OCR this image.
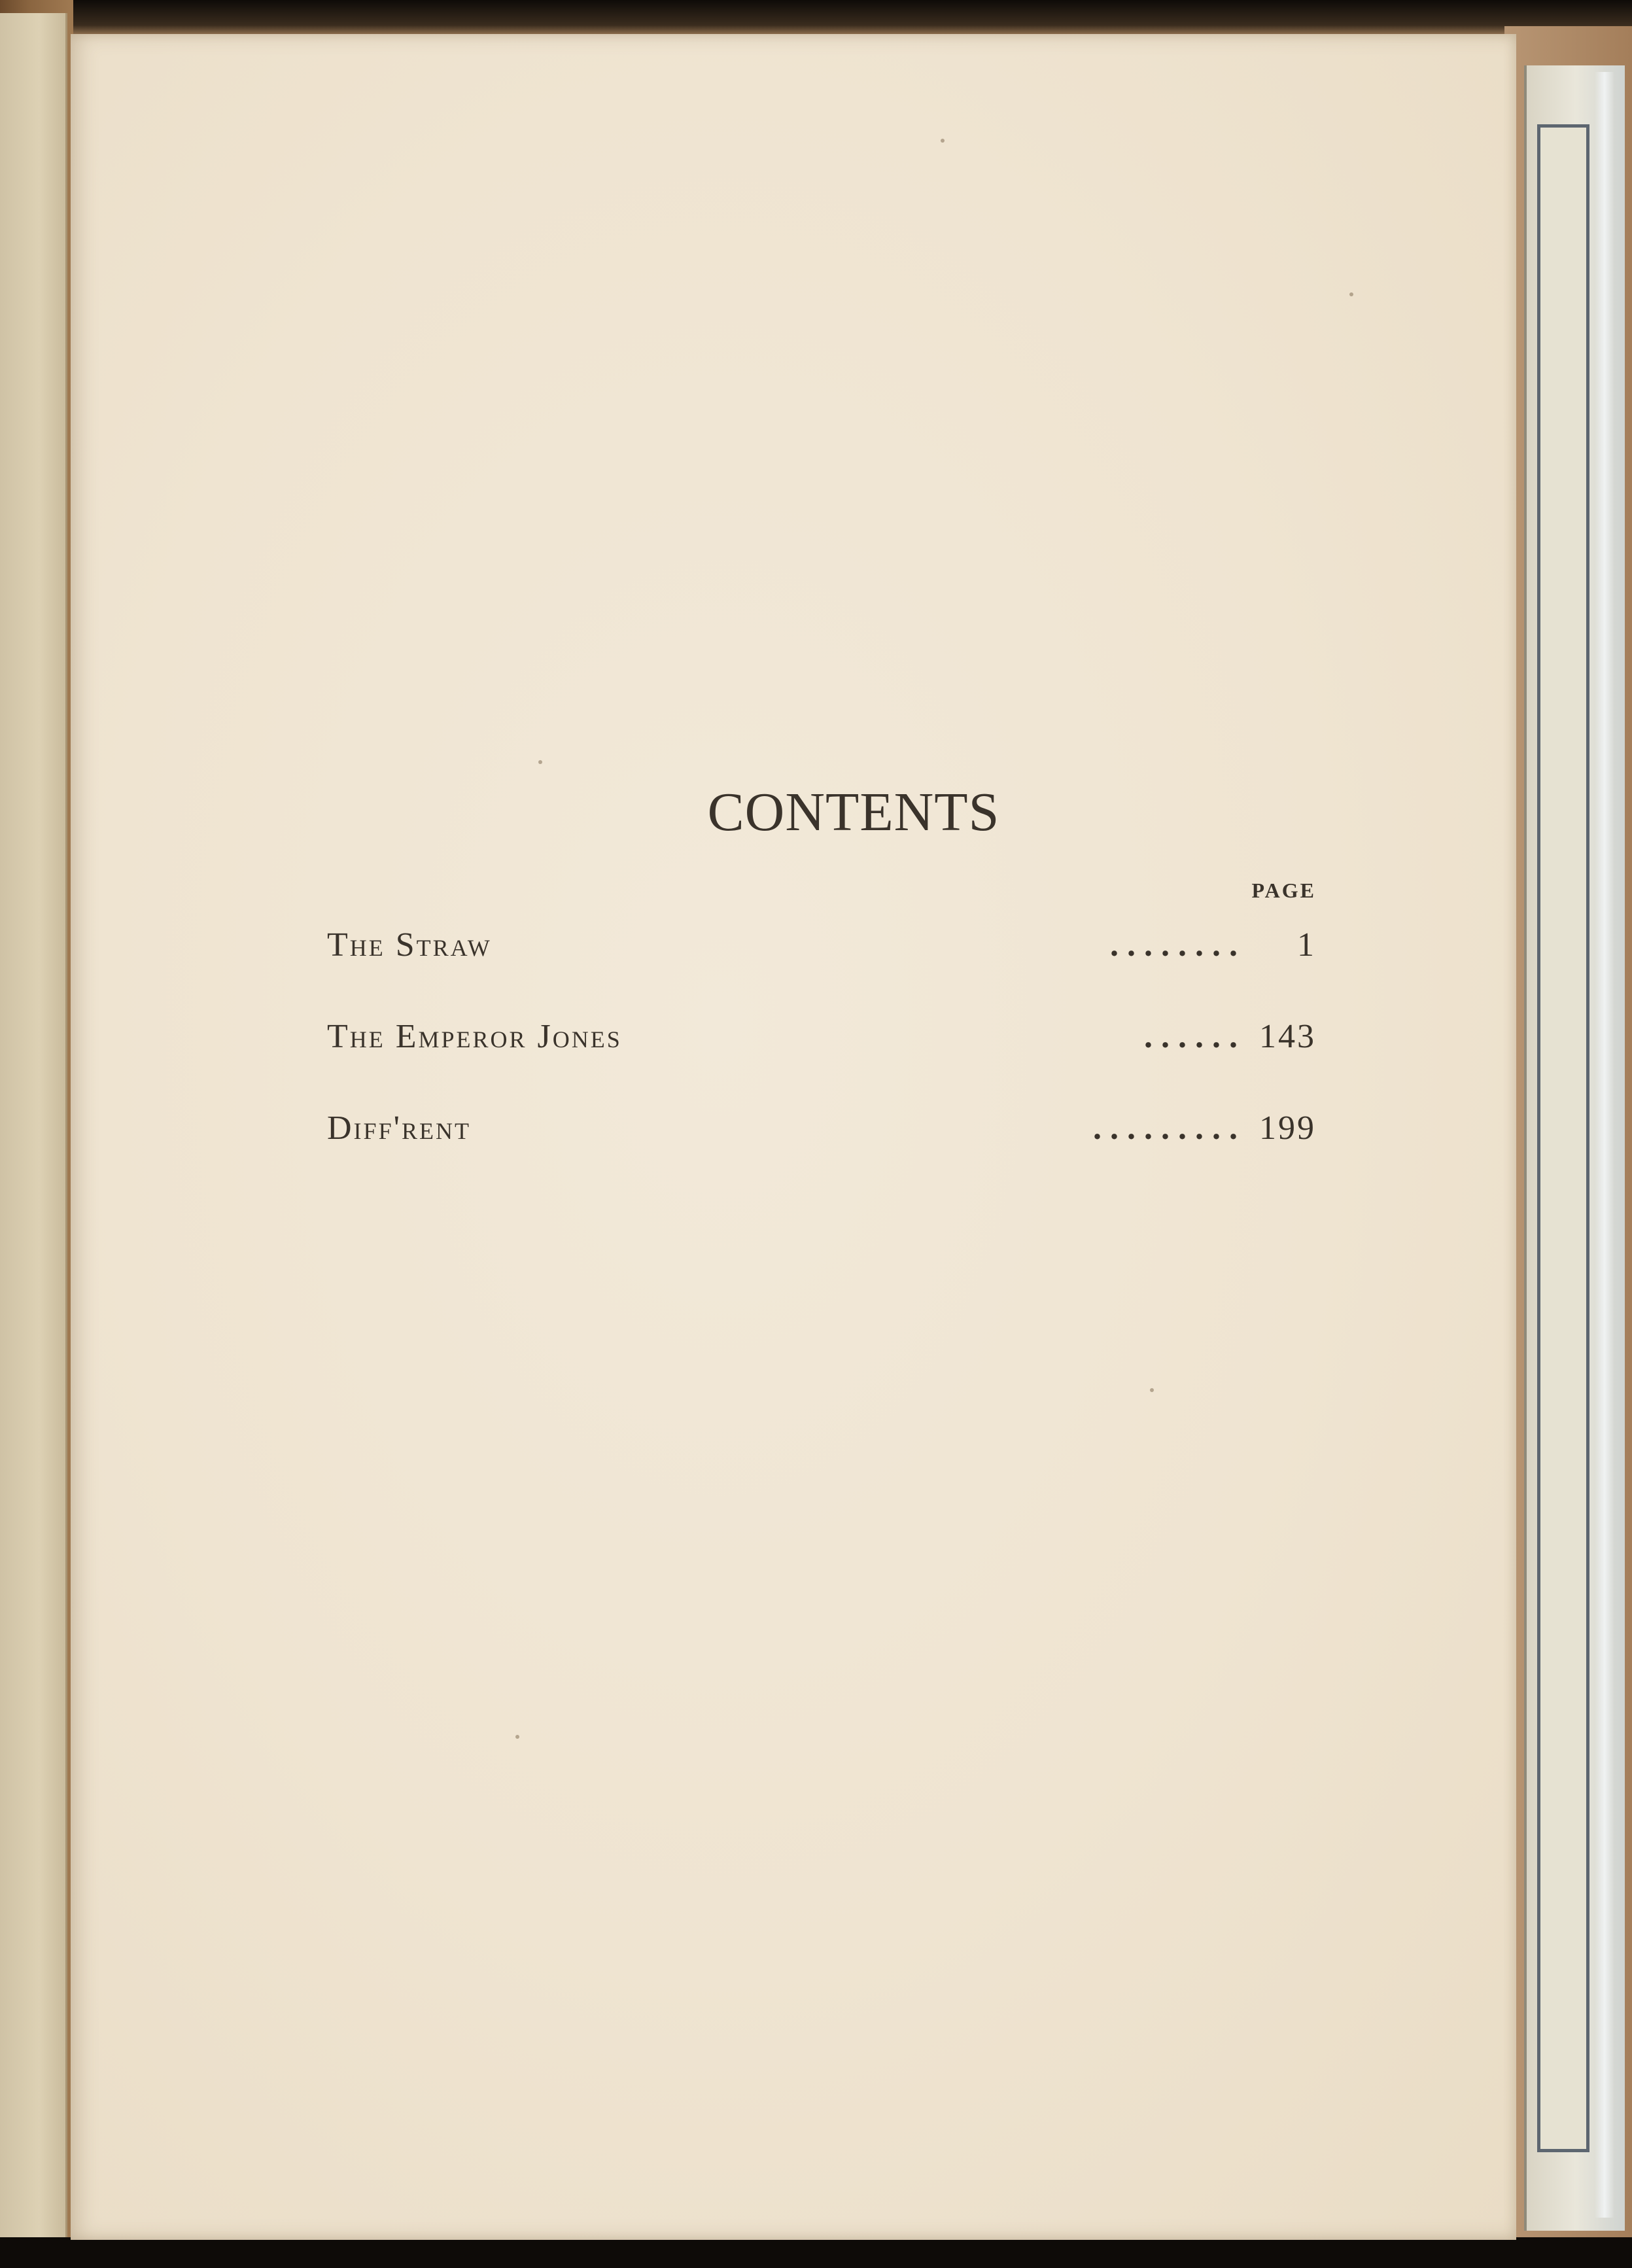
CONTENTS
PAGE
The Straw	. . . . . . . .	1
The Emperor Jones	. . . . . . 143
Diff'rent	. . . . . . . . . 199
